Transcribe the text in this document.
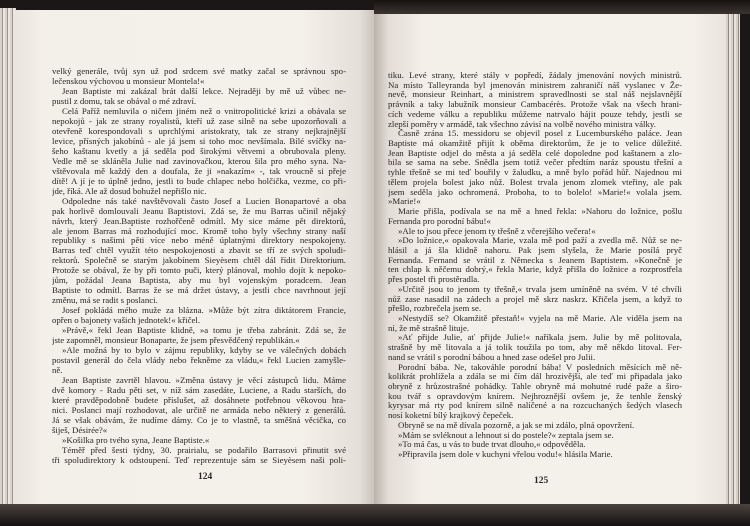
velký generále, tvůj syn už pod srdcem své matky začal se správnou spo-
lečenskou výchovou u monsieur Montela!«
Jean Baptiste mi zakázal brát další lekce. Nejraději by mě už vůbec ne-
pustil z domu, tak se obával o mé zdraví.
Celá Paříž nemluvila o ničem jiném než o vnitropolitické krizi a obávala se
nepokojů - jak ze strany royalistů, kteří už zase silně na sebe upozorňovali a
otevřeně korespondovali s uprchlými aristokraty, tak ze strany nejkrajnější
levice, přísných jakobínů - ale já jsem si toho moc nevšímala. Bílé svíčky na-
šeho kaštanu kvetly a já seděla pod širokými větvemi a obrubovala pleny.
Vedle mě se skláněla Julie nad zavinovačkou, kterou šila pro mého syna. Na-
vštěvovala mě každý den a doufala, že ji »nakazím« -, tak vroucně si přeje
dítě! A jí je to úplně jedno, jestli to bude chlapec nebo holčička, vezme, co při-
jde, říká. Ale až dosud bohužel nepřišlo nic.
Odpoledne nás také navštěvovali často Josef a Lucien Bonapartové a oba
pak horlivě domlouvali Jeanu Baptistovi. Zdá se, že mu Barras učinil nějaký
návrh, který Jean.Baptiste rozhořčeně odmítl. My sice máme pět direktorů,
ale jenom Barras má rozhodující moc. Kromě toho byly všechny strany naší
republiky s našimi pěti více nebo méně úplatnými direktory nespokojeny.
Barras teď chtěl využít této nespokojenosti a zbavit se tří ze svých spoludi-
rektorů. Společně se starým jakobínem Sieyèsem chtěl dál řídit Direktorium.
Protože se obával, že by při tomto puči, který plánoval, mohlo dojít k nepoko-
jům, požádal Jeana Baptista, aby mu byl vojenským poradcem. Jean
Baptiste to odmítl. Barras že se má držet ústavy, a jestli chce navrhnout její
změnu, má se radit s poslanci.
Josef pokládá mého muže za blázna. »Může být zítra diktátorem Francie,
opřen o bajonety vašich jednotek!« křičel.
»Právě,« řekl Jean Baptiste klidně, »a tomu je třeba zabránit. Zdá se, že
jste zapomněl, monsieur Bonaparte, že jsem přesvědčený republikán.«
»Ale možná by to bylo v zájmu republiky, kdyby se ve válečných dobách
postavil generál do čela vlády nebo řekněme za vládu,« řekl Lucien zamyšle-
ně.
Jean Baptiste zavrtěl hlavou. »Změna ústavy je věcí zástupců lidu. Máme
dvě komory - Radu pěti set, v níž sám zasedáte, Luciene, a Radu starších, do
které pravděpodobně budete příslušet, až dosáhnete potřebnou věkovou hra-
nici. Poslanci mají rozhodovat, ale určitě ne armáda nebo některý z generálů.
Já se však obávám, že nudíme dámy. Co je to vlastně, ta směšná věcička, co
šiješ, Désirée?«
»Košilka pro tvého syna, Jeane Baptiste.«
Téměř před šesti týdny, 30. prairialu, se podařilo Barrasovi přinutit své
tři spoludirektory k odstoupení. Teď reprezentuje sám se Sieyèsem naši poli-
124
tiku. Levé strany, které stály v popředí, žádaly jmenování nových ministrů.
Na místo Talleyranda byl jmenován ministrem zahraničí náš vyslanec v Že-
nevě, monsieur Reinhart, a ministrem spravedlnosti se stal náš nejslavnější
právník a taky labužník monsieur Cambacérès. Protože však na všech hrani-
cích vedeme válku a republiku můžeme natrvalo hájit pouze tehdy, jestli se
zlepší poměry v armádě, tak všechno závisí na volbě nového ministra války.
Časně zrána 15. messidoru se objevil posel z Lucemburského paláce. Jean
Baptiste má okamžitě přijít k oběma direktorům, že je to velice důležité.
Jean Baptiste odjel do města a já seděla celé dopoledne pod kaštanem a zlo-
bila se sama na sebe. Snědla jsem totiž večer předtím naráz spoustu třešní a
tyhle třešně se mi teď bouřily v žaludku, a mně bylo pořád hůř. Najednou mi
tělem projela bolest jako nůž. Bolest trvala jenom zlomek vteřiny, ale pak
jsem seděla jako ochromená. Proboha, to to bolelo! »Marie!« volala jsem.
»Marie!«
Marie přišla, podívala se na mě a hned řekla: »Nahoru do ložnice, pošlu
Fernanda pro porodní bábu!«
»Ale to jsou přece jenom ty třešně z včerejšího večera!«
»Do ložnice,« opakovala Marie, vzala mě pod paží a zvedla mě. Nůž se ne-
hlásil a já šla klidně nahoru. Pak jsem slyšela, že Marie posílá pryč
Fernanda. Fernand se vrátil z Německa s Jeanem Baptistem. »Konečně je
ten chlap k něčemu dobrý,« řekla Marie, když přišla do ložnice a rozprostřela
přes postel tři prostěradla.
»Určitě jsou to jenom ty třešně,« trvala jsem umíněně na svém. V té chvíli
nůž zase nasadil na zádech a projel mě skrz naskrz. Křičela jsem, a když to
přešlo, rozbrečela jsem se.
»Nestydíš se? Okamžitě přestaň!« vyjela na mě Marie. Ale viděla jsem na
ní, že mě strašně lituje.
»Ať přijde Julie, ať přijde Julie!« naříkala jsem. Julie by mě politovala,
strašně by mě litovala a já tolik toužila po tom, aby mě někdo litoval. Fer-
nand se vrátil s porodní bábou a hned zase odešel pro Julii.
Porodní bába. Ne, takováhle porodní bába! V posledních měsících mě ně-
kolikrát prohlížela a zdála se mi čím dál hrozivější, ale teď mi připadala jako
obryně z hrůzostrašné pohádky. Tahle obryně má mohutné rudé paže a širo-
kou tvář s opravdovým knírem. Nejhroznější ovšem je, že tenhle ženský
kyrysar má rty pod knírem silně nalíčené a na rozcuchaných šedých vlasech
nosí koketní bílý krajkový čepeček.
Obryně se na mě dívala pozorně, a jak se mi zdálo, plná opovržení.
»Mám se svléknout a lehnout si do postele?« zeptala jsem se.
»To má čas, u vás to bude trvat dlouho,« odpověděla.
»Připravila jsem dole v kuchyni vřelou vodu!« hlásila Marie.
125
